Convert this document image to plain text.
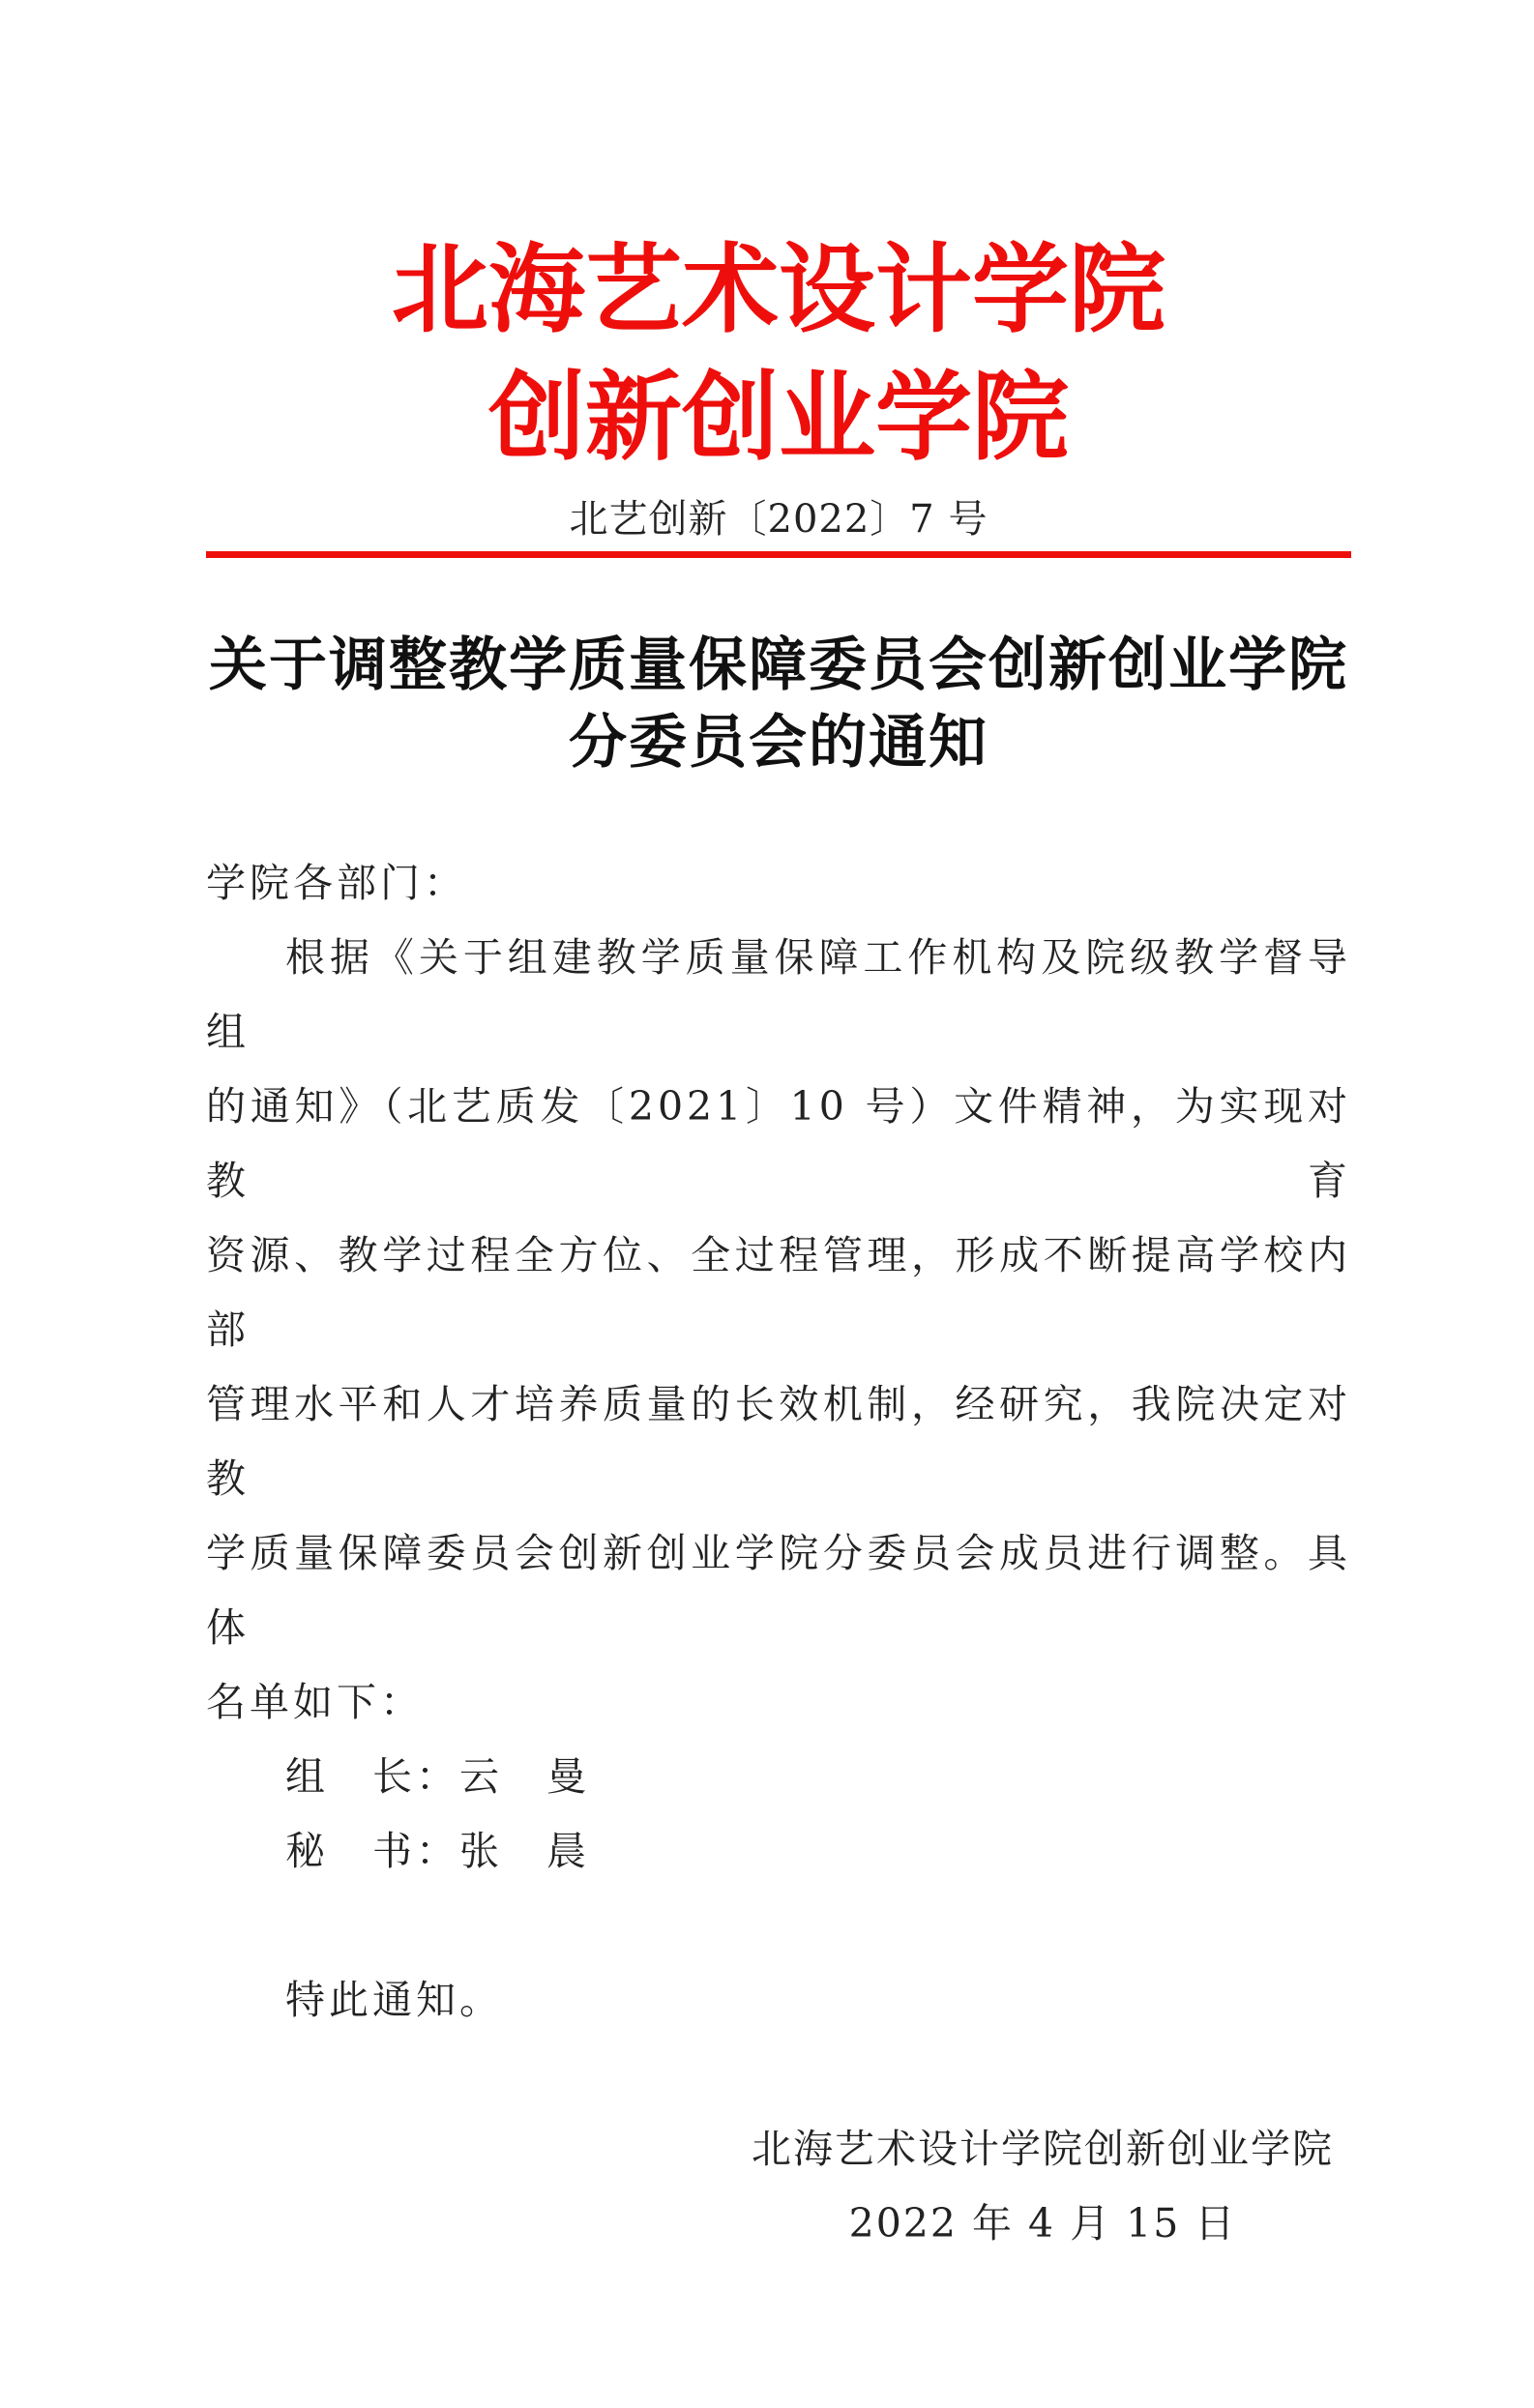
北海艺术设计学院
创新创业学院
北艺创新〔2022〕7 号
关于调整教学质量保障委员会创新创业学院
分委员会的通知
学院各部门：
根据《关于组建教学质量保障工作机构及院级教学督导组
的通知》（北艺质发〔2021〕10 号）文件精神，为实现对教育
资源、教学过程全方位、全过程管理，形成不断提高学校内部
管理水平和人才培养质量的长效机制，经研究，我院决定对教
学质量保障委员会创新创业学院分委员会成员进行调整。具体
名单如下：
组　长：云　曼
秘　书：张　晨
特此通知。
北海艺术设计学院创新创业学院
2022 年 4 月 15 日
